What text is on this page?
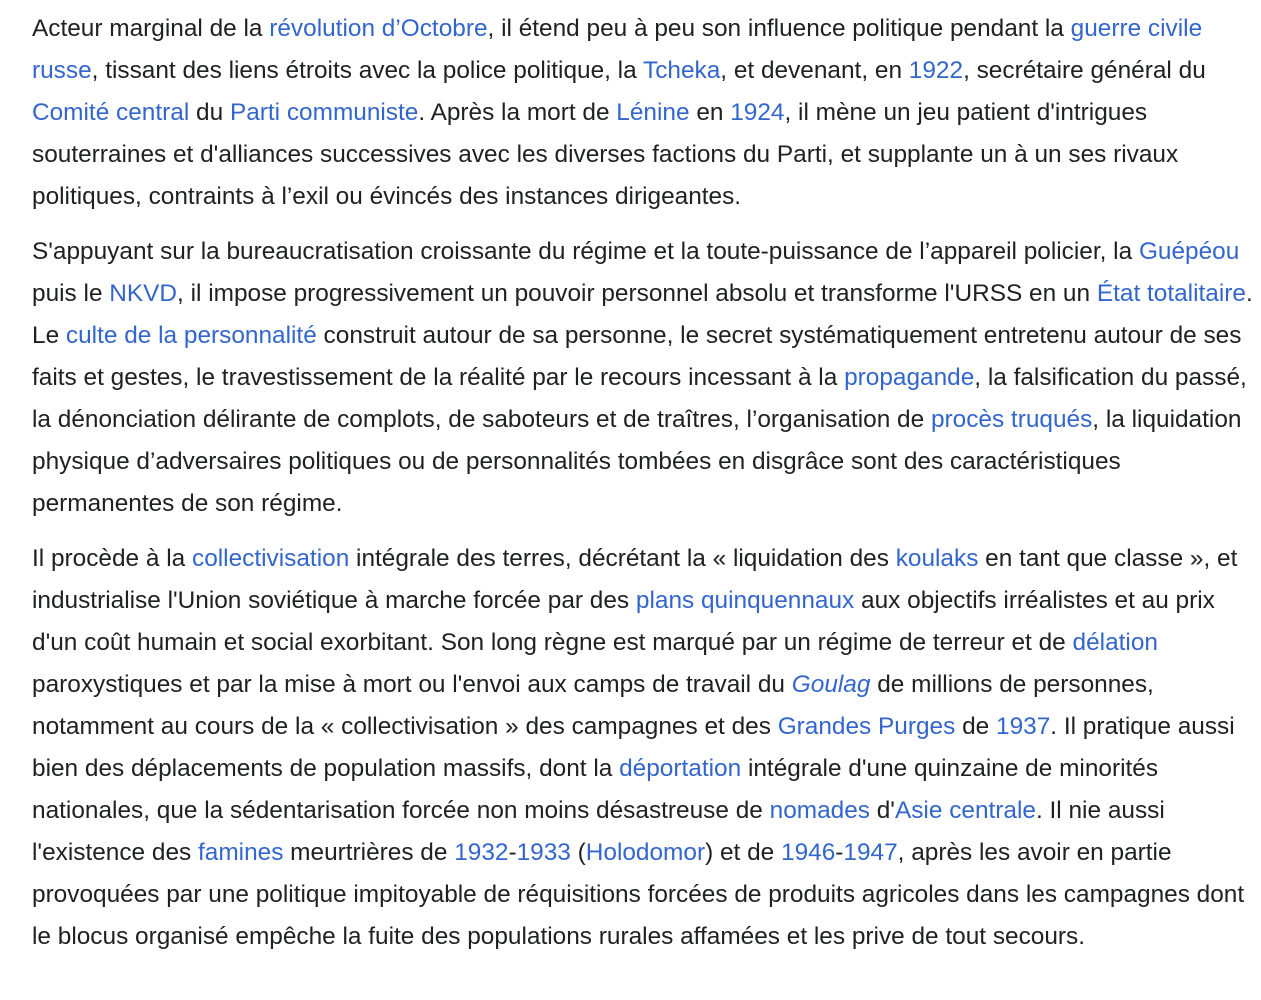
Acteur marginal de la révolution d’Octobre, il étend peu à peu son influence politique pendant la guerre civile russe, tissant des liens étroits avec la police politique, la Tcheka, et devenant, en 1922, secrétaire général du Comité central du Parti communiste. Après la mort de Lénine en 1924, il mène un jeu patient d'intrigues souterraines et d'alliances successives avec les diverses factions du Parti, et supplante un à un ses rivaux politiques, contraints à l’exil ou évincés des instances dirigeantes.

S'appuyant sur la bureaucratisation croissante du régime et la toute-puissance de l’appareil policier, la Guépéou puis le NKVD, il impose progressivement un pouvoir personnel absolu et transforme l'URSS en un État totalitaire. Le culte de la personnalité construit autour de sa personne, le secret systématiquement entretenu autour de ses faits et gestes, le travestissement de la réalité par le recours incessant à la propagande, la falsification du passé, la dénonciation délirante de complots, de saboteurs et de traîtres, l’organisation de procès truqués, la liquidation physique d’adversaires politiques ou de personnalités tombées en disgrâce sont des caractéristiques permanentes de son régime.

Il procède à la collectivisation intégrale des terres, décrétant la « liquidation des koulaks en tant que classe », et industrialise l'Union soviétique à marche forcée par des plans quinquennaux aux objectifs irréalistes et au prix d'un coût humain et social exorbitant. Son long règne est marqué par un régime de terreur et de délation paroxystiques et par la mise à mort ou l'envoi aux camps de travail du Goulag de millions de personnes, notamment au cours de la « collectivisation » des campagnes et des Grandes Purges de 1937. Il pratique aussi bien des déplacements de population massifs, dont la déportation intégrale d'une quinzaine de minorités nationales, que la sédentarisation forcée non moins désastreuse de nomades d'Asie centrale. Il nie aussi l'existence des famines meurtrières de 1932-1933 (Holodomor) et de 1946-1947, après les avoir en partie provoquées par une politique impitoyable de réquisitions forcées de produits agricoles dans les campagnes dont le blocus organisé empêche la fuite des populations rurales affamées et les prive de tout secours.
